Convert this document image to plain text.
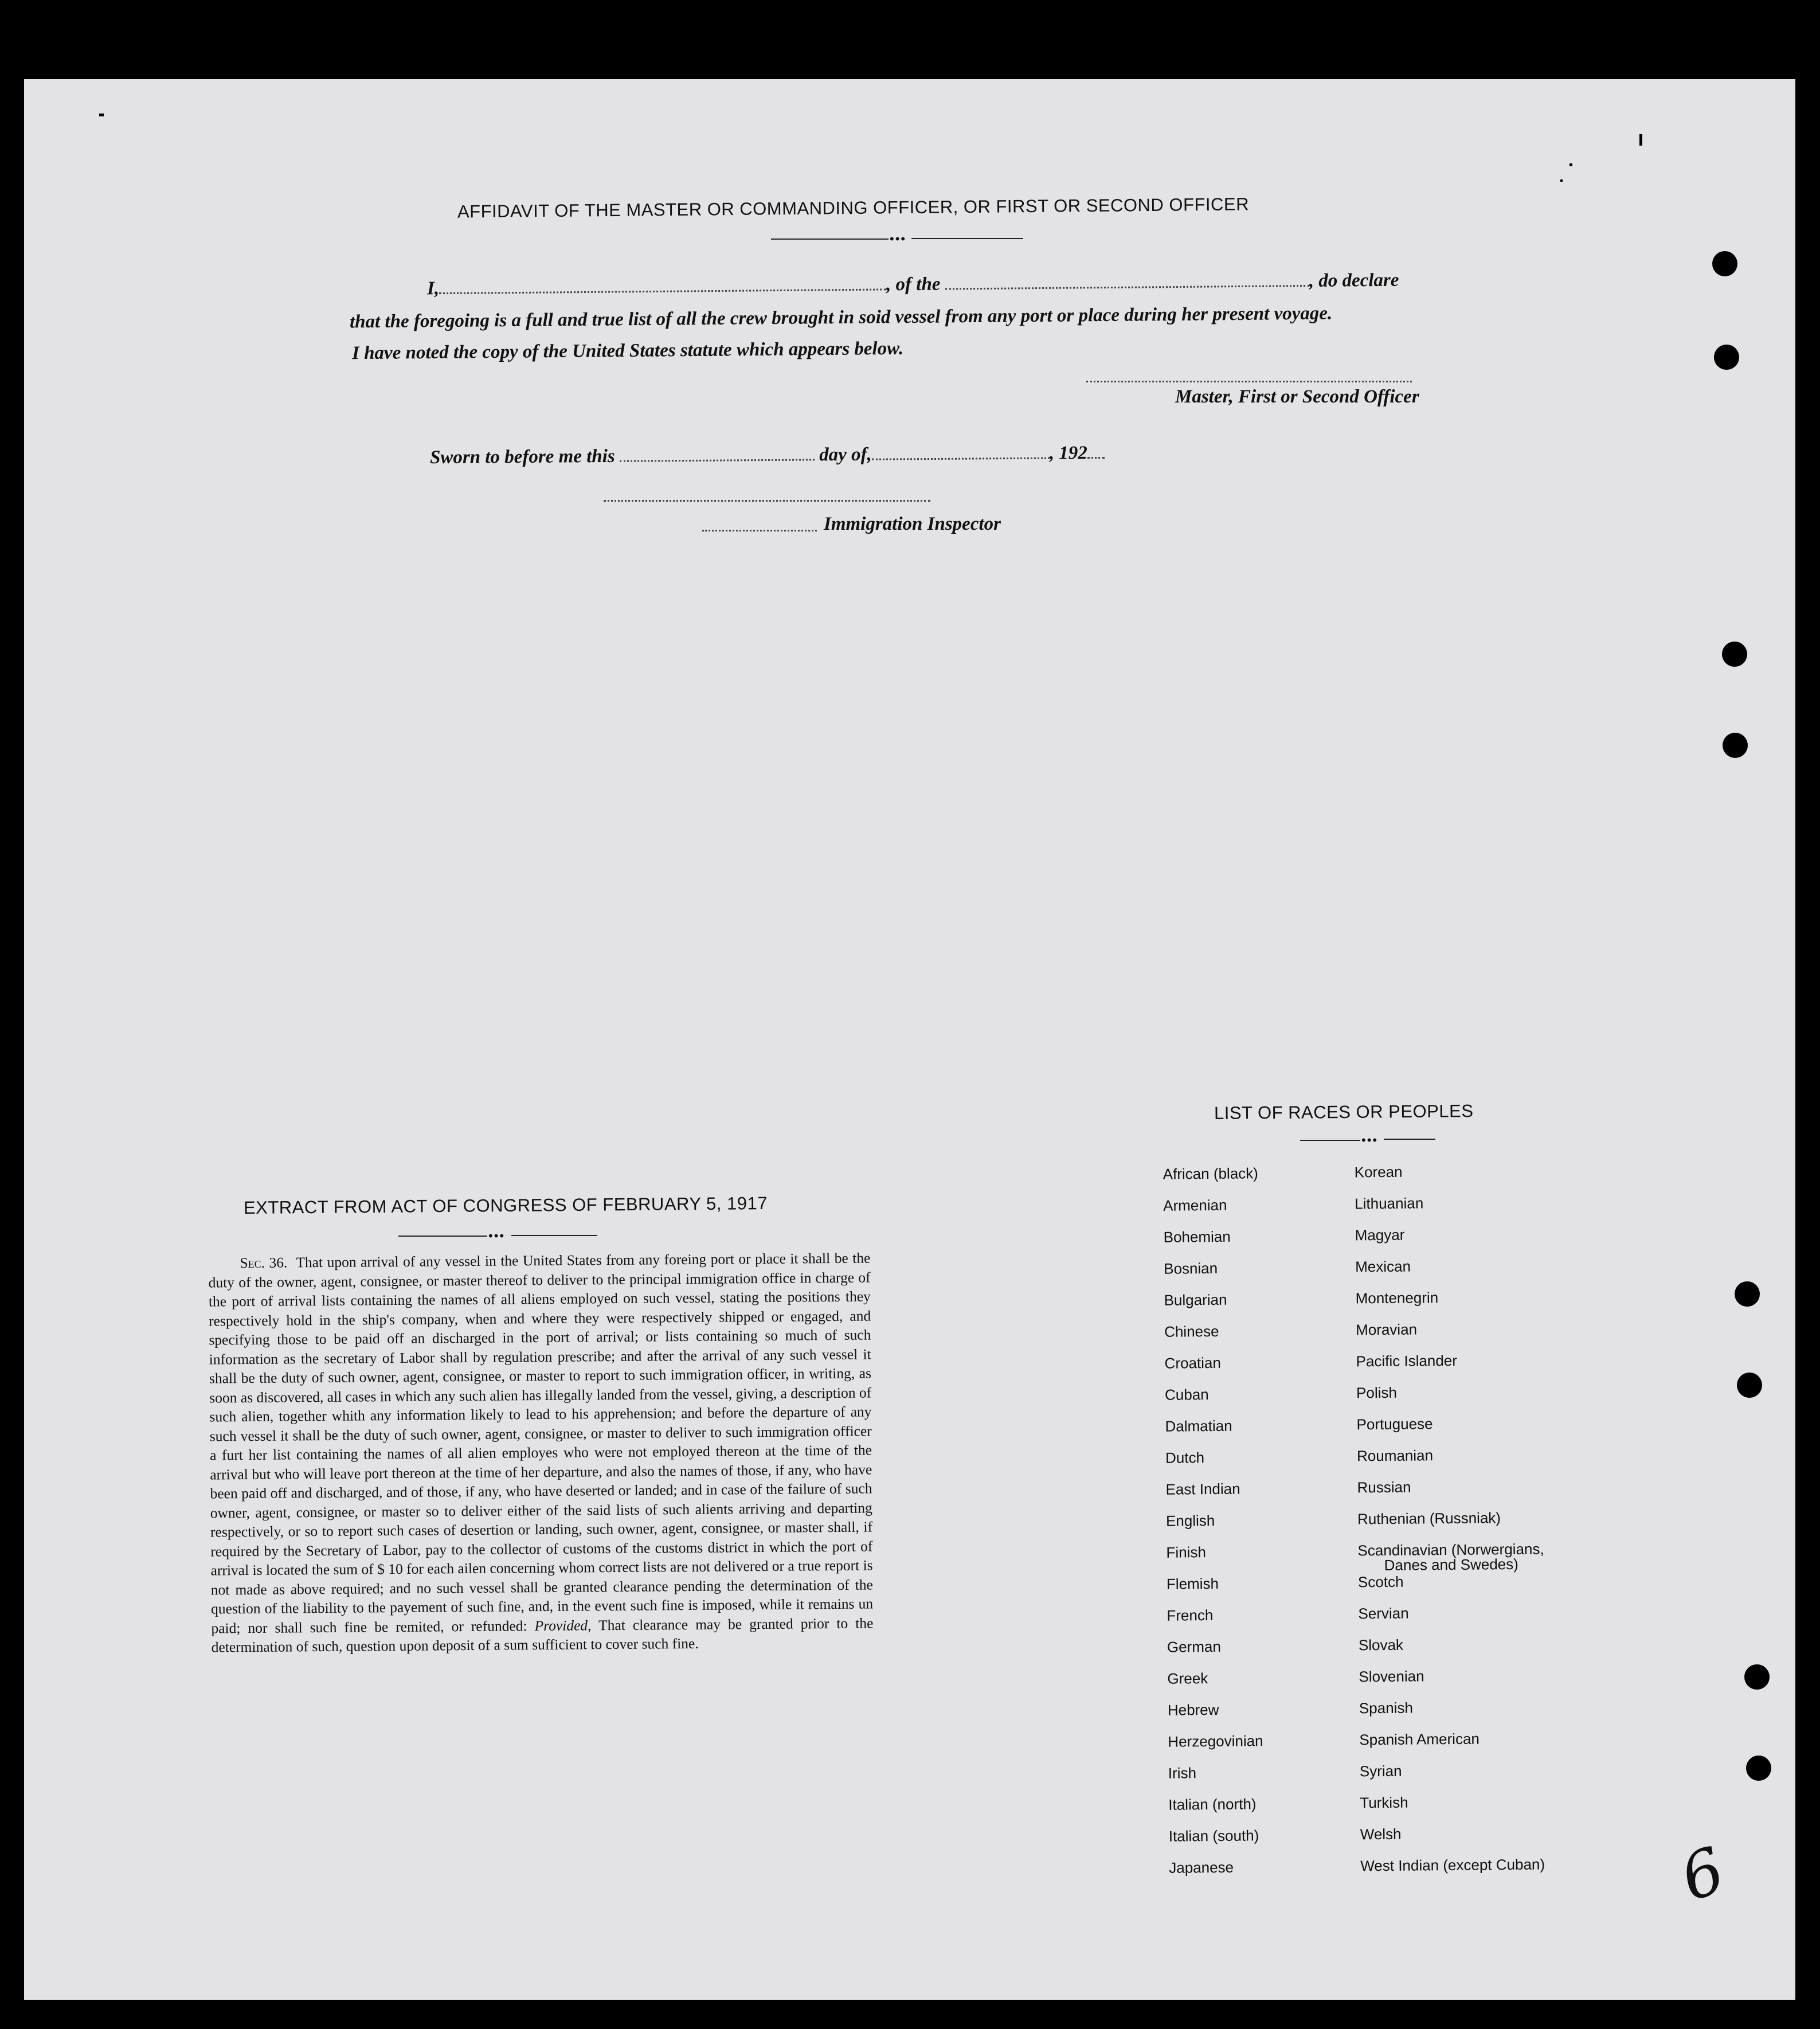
AFFIDAVIT OF THE MASTER OR COMMANDING OFFICER, OR FIRST OR SECOND OFFICER
•••
I,	, of the	, do declare
that the foregoing is a full and true list of all the crew brought in soid vessel from any port or place during her present voyage.
I have noted the copy of the United States statute which appears below.
Master, First or Second Officer
Sworn to before me this	day of,	, 192
Immigration Inspector
EXTRACT FROM ACT OF CONGRESS OF FEBRUARY 5, 1917
•••
Sec. 36. That upon arrival of any vessel in the United States from any foreing port or place it shall be the duty of the owner, agent, consignee, or master thereof to deliver to the principal immigration office in charge of the port of arrival lists containing the names of all aliens employed on such vessel, stating the positions they respectively hold in the ship's company, when and where they were respectively shipped or engaged, and specifying those to be paid off an discharged in the port of arrival; or lists containing so much of such information as the secretary of Labor shall by regulation prescribe; and after the arrival of any such vessel it shall be the duty of such owner, agent, consignee, or master to report to such immigration officer, in writing, as soon as discovered, all cases in which any such alien has illegally landed from the vessel, giving, a description of such alien, together whith any information likely to lead to his apprehension; and before the departure of any such vessel it shall be the duty of such owner, agent, consignee, or master to deliver to such immigration officer a furt her list containing the names of all alien employes who were not employed thereon at the time of the arrival but who will leave port thereon at the time of her departure, and also the names of those, if any, who have been paid off and discharged, and of those, if any, who have deserted or landed; and in case of the failure of such owner, agent, consignee, or master so to deliver either of the said lists of such alients arriving and departing respectively, or so to report such cases of desertion or landing, such owner, agent, consignee, or master shall, if required by the Secretary of Labor, pay to the collector of customs of the customs district in which the port of arrival is located the sum of $ 10 for each ailen concerning whom correct lists are not delivered or a true report is not made as above required; and no such vessel shall be granted clearance pending the determination of the question of the liability to the payement of such fine, and, in the event such fine is imposed, while it remains un paid; nor shall such fine be remited, or refunded: Provided, That clearance may be granted prior to the determination of such, question upon deposit of a sum sufficient to cover such fine.
LIST OF RACES OR PEOPLES
•••
African (black)
Armenian
Bohemian
Bosnian
Bulgarian
Chinese
Croatian
Cuban
Dalmatian
Dutch
East Indian
English
Finish
Flemish
French
German
Greek
Hebrew
Herzegovinian
Irish
Italian (north)
Italian (south)
Japanese
Korean
Lithuanian
Magyar
Mexican
Montenegrin
Moravian
Pacific Islander
Polish
Portuguese
Roumanian
Russian
Ruthenian (Russniak)
Scandinavian (Norwergians,
Danes and Swedes)
Scotch
Servian
Slovak
Slovenian
Spanish
Spanish American
Syrian
Turkish
Welsh
West Indian (except Cuban) 6
